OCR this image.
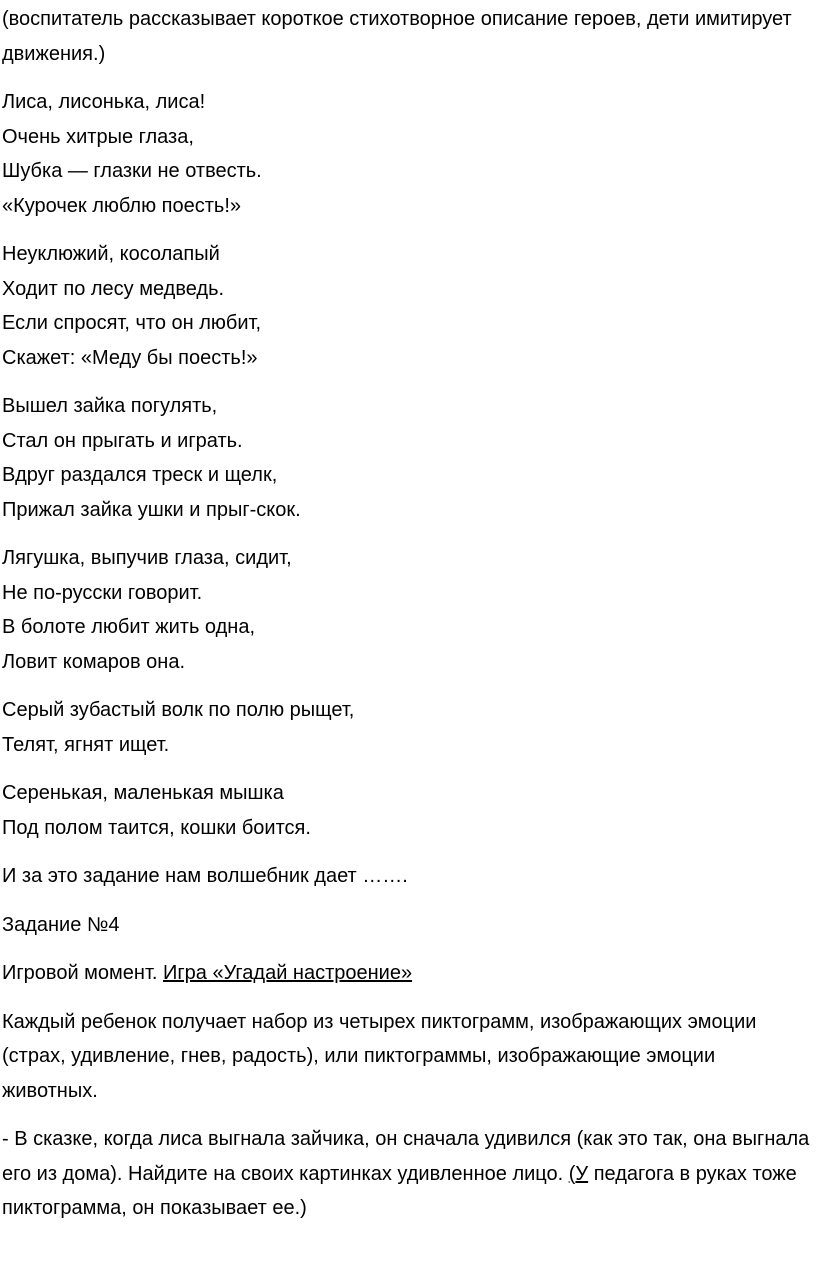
(воспитатель рассказывает короткое стихотворное описание героев, дети имитирует движения.)

Лиса, лисонька, лиса!
Очень хитрые глаза,
Шубка — глазки не отвесть.
«Курочек люблю поесть!»

Неуклюжий, косолапый
Ходит по лесу медведь.
Если спросят, что он любит,
Скажет: «Меду бы поесть!»

Вышел зайка погулять,
Стал он прыгать и играть.
Вдруг раздался треск и щелк,
Прижал зайка ушки и прыг-скок.

Лягушка, выпучив глаза, сидит,
Не по-русски говорит.
В болоте любит жить одна,
Ловит комаров она.

Серый зубастый волк по полю рыщет,
Телят, ягнят ищет.

Серенькая, маленькая мышка
Под полом таится, кошки боится.

И за это задание нам волшебник дает …….

Задание №4

Игровой момент. Игра «Угадай настроение»

Каждый ребенок получает набор из четырех пиктограмм, изображающих эмоции (страх, удивление, гнев, радость), или пиктограммы, изображающие эмоции животных.

- В сказке, когда лиса выгнала зайчика, он сначала удивился (как это так, она выгнала его из дома). Найдите на своих картинках удивленное лицо. (У педагога в руках тоже пиктограмма, он показывает ее.)
